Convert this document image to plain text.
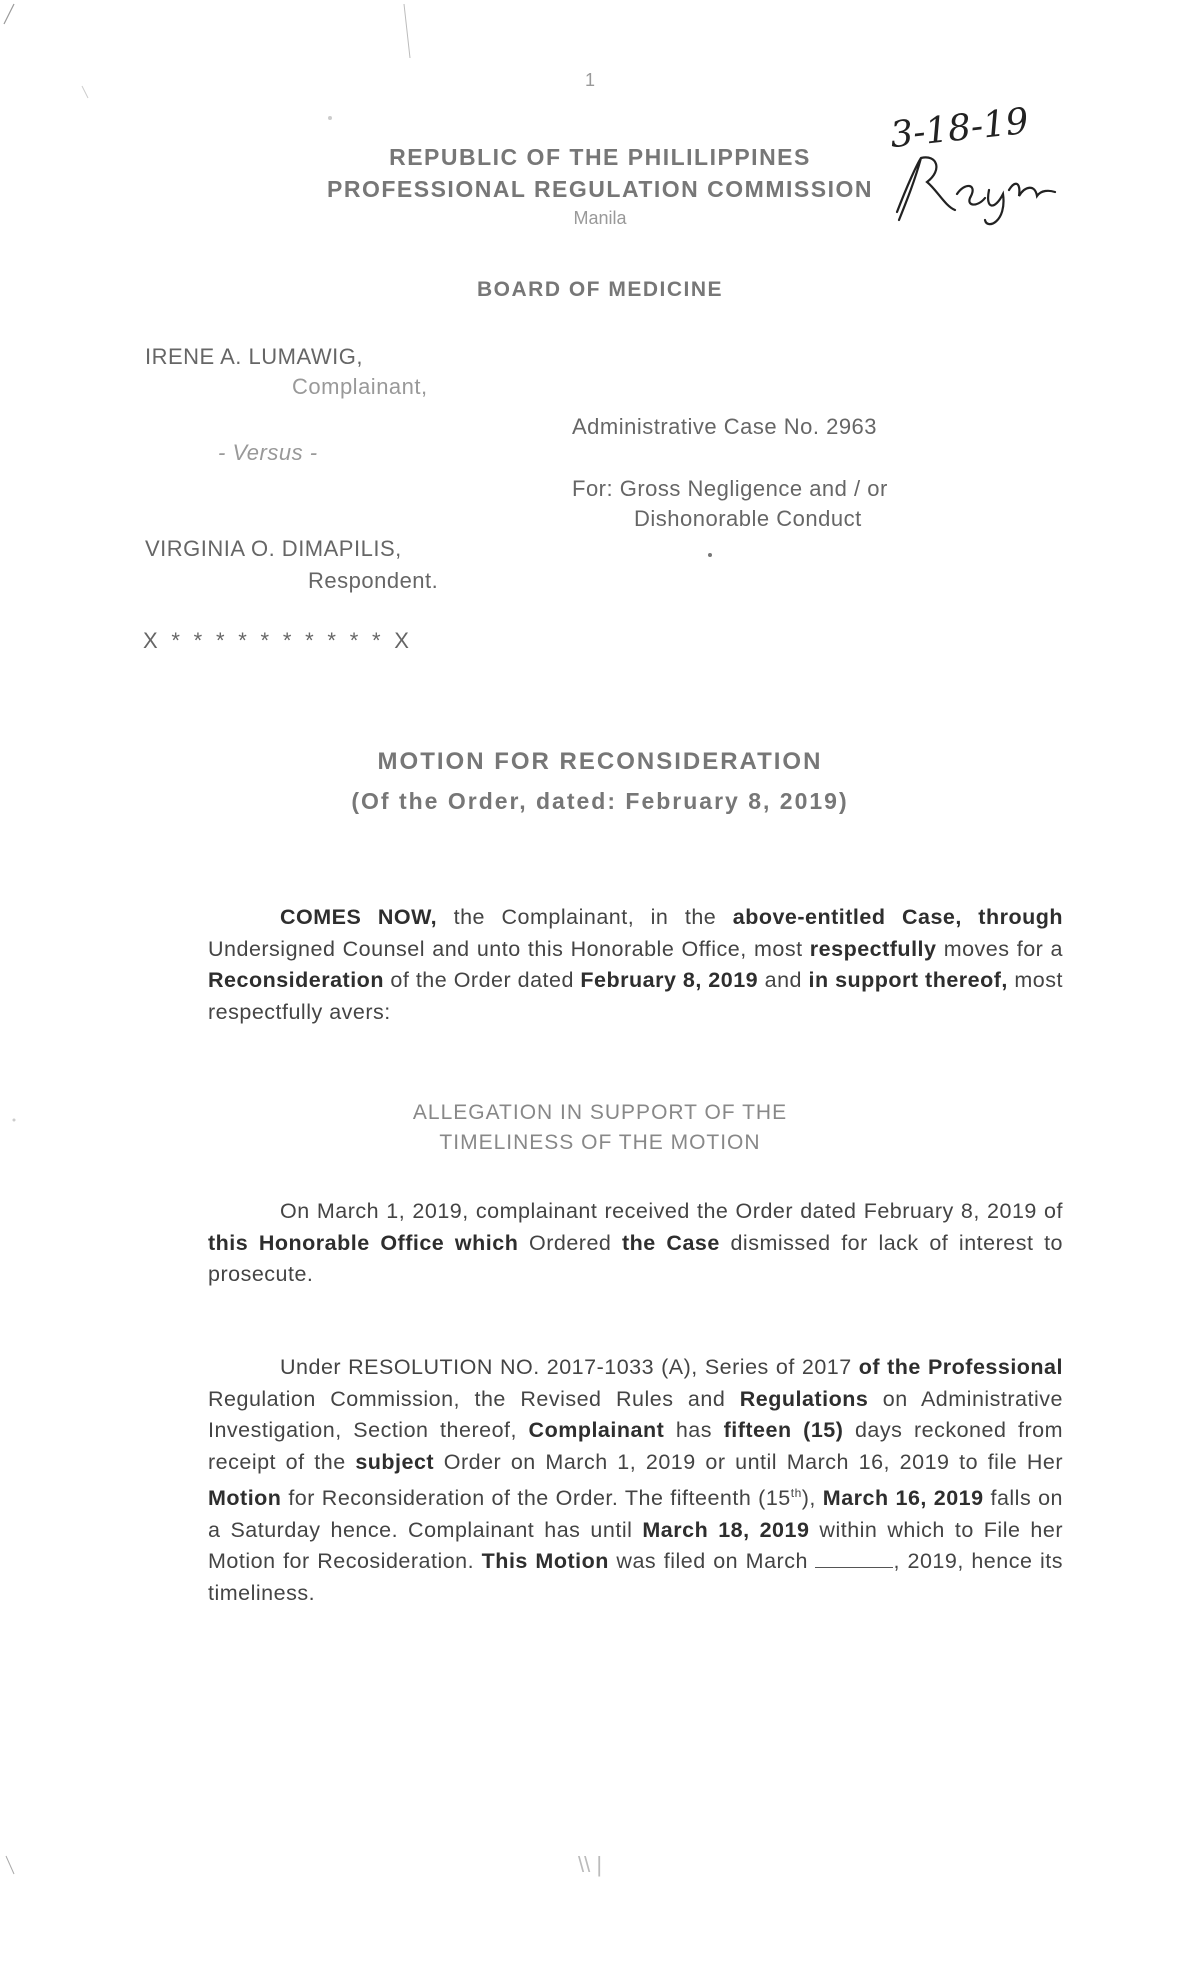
1
3-18-19
REPUBLIC OF THE PHILILIPPINES
PROFESSIONAL REGULATION COMMISSION
Manila
BOARD OF MEDICINE
IRENE A. LUMAWIG,
Complainant,
- Versus -
VIRGINIA O. DIMAPILIS,
Respondent.
X  *  *  *  *  *  *  *  *  *  *  X
Administrative Case No. 2963
For: Gross Negligence and / or
Dishonorable Conduct
MOTION FOR RECONSIDERATION
(Of the Order, dated: February 8, 2019)
COMES NOW, the Complainant, in the above-entitled Case, through Undersigned Counsel and unto this Honorable Office, most respectfully moves for a Reconsideration of the Order dated February 8, 2019 and in support thereof, most respectfully avers:
ALLEGATION IN SUPPORT OF THE
TIMELINESS OF THE MOTION
On March 1, 2019, complainant received the Order dated February 8, 2019 of this Honorable Office which Ordered the Case dismissed for lack of interest to prosecute.
Under RESOLUTION NO. 2017-1033 (A), Series of 2017 of the Professional Regulation Commission, the Revised Rules and Regulations on Administrative Investigation, Section thereof, Complainant has fifteen (15) days reckoned from receipt of the subject Order on March 1, 2019 or until March 16, 2019 to file Her Motion for Reconsideration of the Order. The fifteenth (15th), March 16, 2019 falls on a Saturday hence. Complainant has until March 18, 2019 within which to File her Motion for Recosideration. This Motion was filed on March	, 2019, hence its timeliness.
\\ |
